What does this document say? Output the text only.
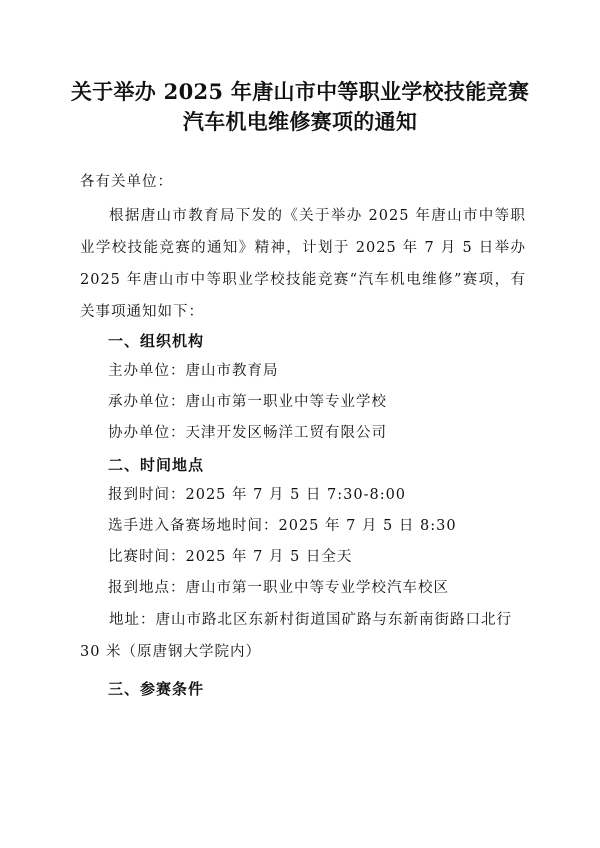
关于举办 2025 年唐山市中等职业学校技能竞赛
汽车机电维修赛项的通知
各有关单位：
根据唐山市教育局下发的《关于举办 2025 年唐山市中等职业学校技能竞赛的通知》精神，计划于 2025 年 7 月 5 日举办 2025 年唐山市中等职业学校技能竞赛“汽车机电维修”赛项，有关事项通知如下：
一、组织机构
主办单位：唐山市教育局
承办单位：唐山市第一职业中等专业学校
协办单位：天津开发区畅洋工贸有限公司
二、时间地点
报到时间：2025 年 7 月 5 日 7:30-8:00
选手进入备赛场地时间：2025 年 7 月 5 日 8:30
比赛时间：2025 年 7 月 5 日全天
报到地点：唐山市第一职业中等专业学校汽车校区
地址：唐山市路北区东新村街道国矿路与东新南街路口北行 30 米（原唐钢大学院内）
三、参赛条件
